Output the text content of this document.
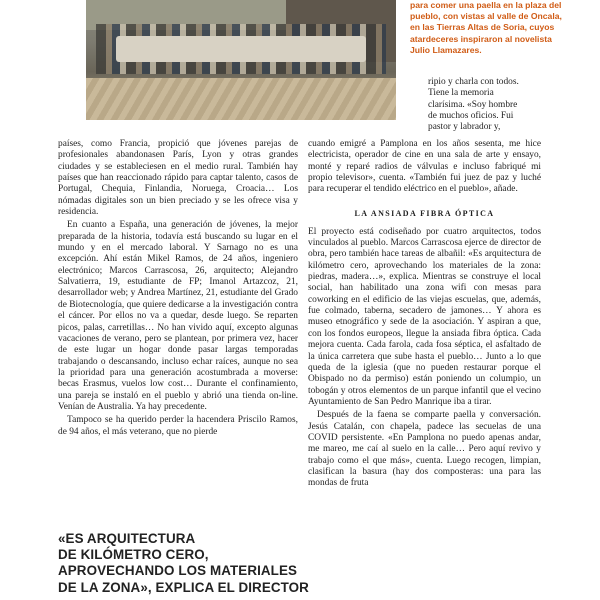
para comer una paella en la plaza del pueblo, con vistas al valle de Oncala, en las Tierras Altas de Soria, cuyos atardeceres inspiraron al novelista Julio Llamazares.

ripio y charla con todos.

Tiene la memoria

clarísima. «Soy hombre

de muchos oficios. Fui

pastor y labrador y,

países, como Francia, propició que jóvenes parejas de profesionales abandonasen París, Lyon y otras grandes ciudades y se estableciesen en el medio rural. También hay países que han reaccionado rápido para captar talento, casos de Portugal, Chequia, Finlandia, Noruega, Croacia… Los nómadas digitales son un bien preciado y se les ofrece visa y residencia.

En cuanto a España, una generación de jóvenes, la mejor preparada de la historia, todavía está buscando su lugar en el mundo y en el mercado laboral. Y Sarnago no es una excepción. Ahí están Mikel Ramos, de 24 años, ingeniero electrónico; Marcos Carrascosa, 26, arquitecto; Alejandro Salvatierra, 19, estudiante de FP; Imanol Artazcoz, 21, desarrollador web; y Andrea Martínez, 21, estudiante del Grado de Biotecnología, que quiere dedicarse a la investigación contra el cáncer. Por ellos no va a quedar, desde luego. Se reparten picos, palas, carretillas… No han vivido aquí, excepto algunas vacaciones de verano, pero se plantean, por primera vez, hacer de este lugar un hogar donde pasar largas temporadas trabajando o descansando, incluso echar raíces, aunque no sea la prioridad para una generación acostumbrada a moverse: becas Erasmus, vuelos low cost… Durante el confinamiento, una pareja se instaló en el pueblo y abrió una tienda on-line. Venían de Australia. Ya hay precedente.

Tampoco se ha querido perder la hacendera Priscilo Ramos, de 94 años, el más veterano, que no pierde

«ES ARQUITECTURA
DE KILÓMETRO CERO,
APROVECHANDO LOS MATERIALES
DE LA ZONA», EXPLICA EL DIRECTOR

cuando emigré a Pamplona en los años sesenta, me hice electricista, operador de cine en una sala de arte y ensayo, monté y reparé radios de válvulas e incluso fabriqué mi propio televisor», cuenta. «También fui juez de paz y luché para recuperar el tendido eléctrico en el pueblo», añade.

LA ANSIADA FIBRA ÓPTICA

El proyecto está codiseñado por cuatro arquitectos, todos vinculados al pueblo. Marcos Carrascosa ejerce de director de obra, pero también hace tareas de albañil: «Es arquitectura de kilómetro cero, aprovechando los materiales de la zona: piedras, madera…», explica. Mientras se construye el local social, han habilitado una zona wifi con mesas para coworking en el edificio de las viejas escuelas, que, además, fue colmado, taberna, secadero de jamones… Y ahora es museo etnográfico y sede de la asociación. Y aspiran a que, con los fondos europeos, llegue la ansiada fibra óptica. Cada mejora cuenta. Cada farola, cada fosa séptica, el asfaltado de la única carretera que sube hasta el pueblo… Junto a lo que queda de la iglesia (que no pueden restaurar porque el Obispado no da permiso) están poniendo un columpio, un tobogán y otros elementos de un parque infantil que el vecino Ayuntamiento de San Pedro Manrique iba a tirar.

Después de la faena se comparte paella y conversación. Jesús Catalán, con chapela, padece las secuelas de una COVID persistente. «En Pamplona no puedo apenas andar, me mareo, me caí al suelo en la calle… Pero aquí revivo y trabajo como el que más», cuenta. Luego recogen, limpian, clasifican la basura (hay dos composteras: una para las mondas de fruta
